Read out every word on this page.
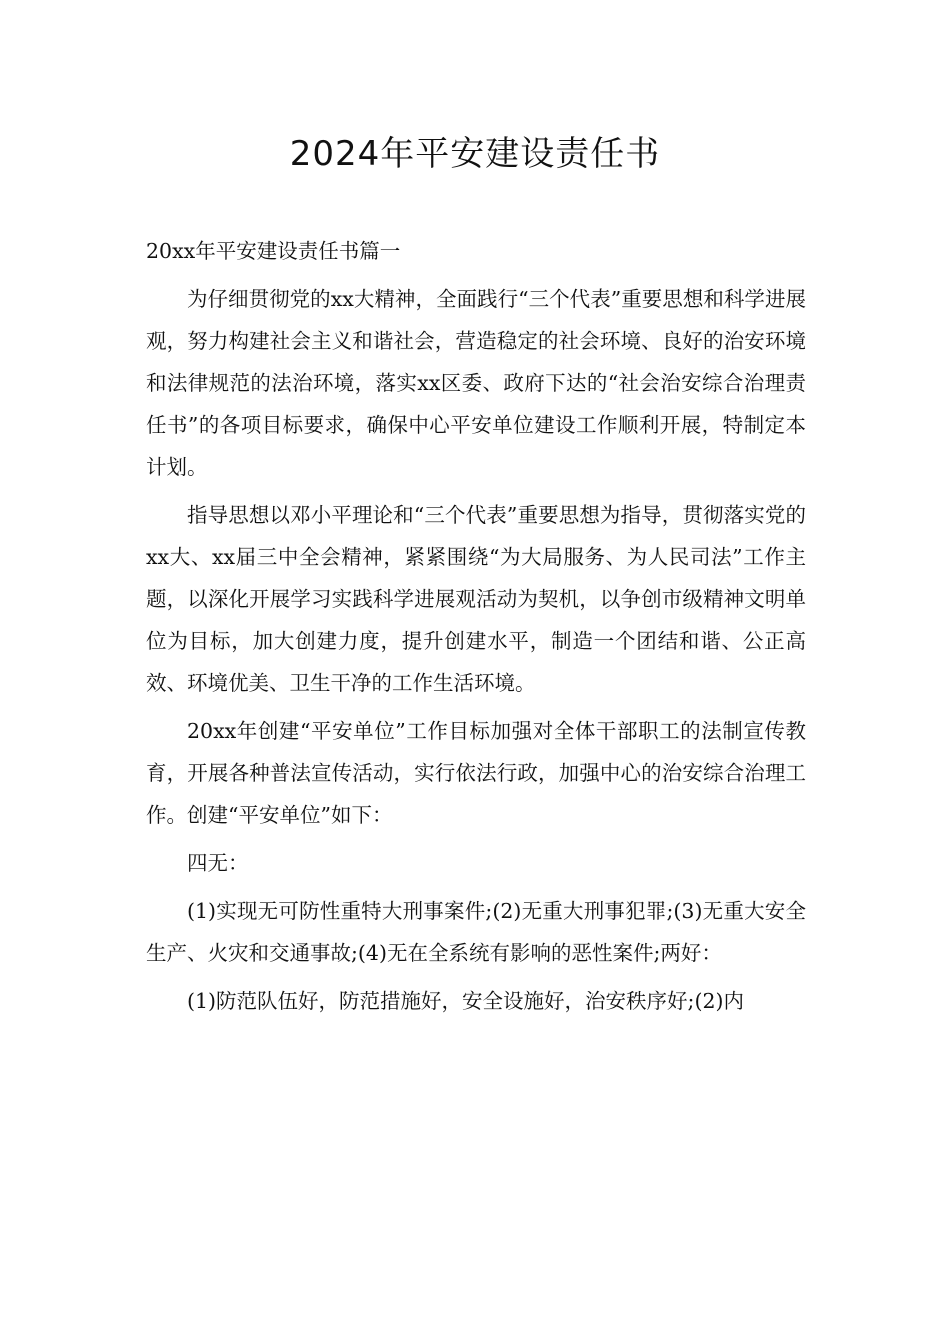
2024年平安建设责任书

20xx年平安建设责任书篇一

为仔细贯彻党的xx大精神，全面践行“三个代表”重要思想和科学进展观，努力构建社会主义和谐社会，营造稳定的社会环境、良好的治安环境和法律规范的法治环境，落实xx区委、政府下达的“社会治安综合治理责任书”的各项目标要求，确保中心平安单位建设工作顺利开展，特制定本计划。

指导思想以邓小平理论和“三个代表”重要思想为指导，贯彻落实党的xx大、xx届三中全会精神，紧紧围绕“为大局服务、为人民司法”工作主题，以深化开展学习实践科学进展观活动为契机，以争创市级精神文明单位为目标，加大创建力度，提升创建水平，制造一个团结和谐、公正高效、环境优美、卫生干净的工作生活环境。

20xx年创建“平安单位”工作目标加强对全体干部职工的法制宣传教育，开展各种普法宣传活动，实行依法行政，加强中心的治安综合治理工作。创建“平安单位”如下：

四无：

(1)实现无可防性重特大刑事案件;(2)无重大刑事犯罪;(3)无重大安全生产、火灾和交通事故;(4)无在全系统有影响的恶性案件;两好：

(1)防范队伍好，防范措施好，安全设施好，治安秩序好;(2)内
